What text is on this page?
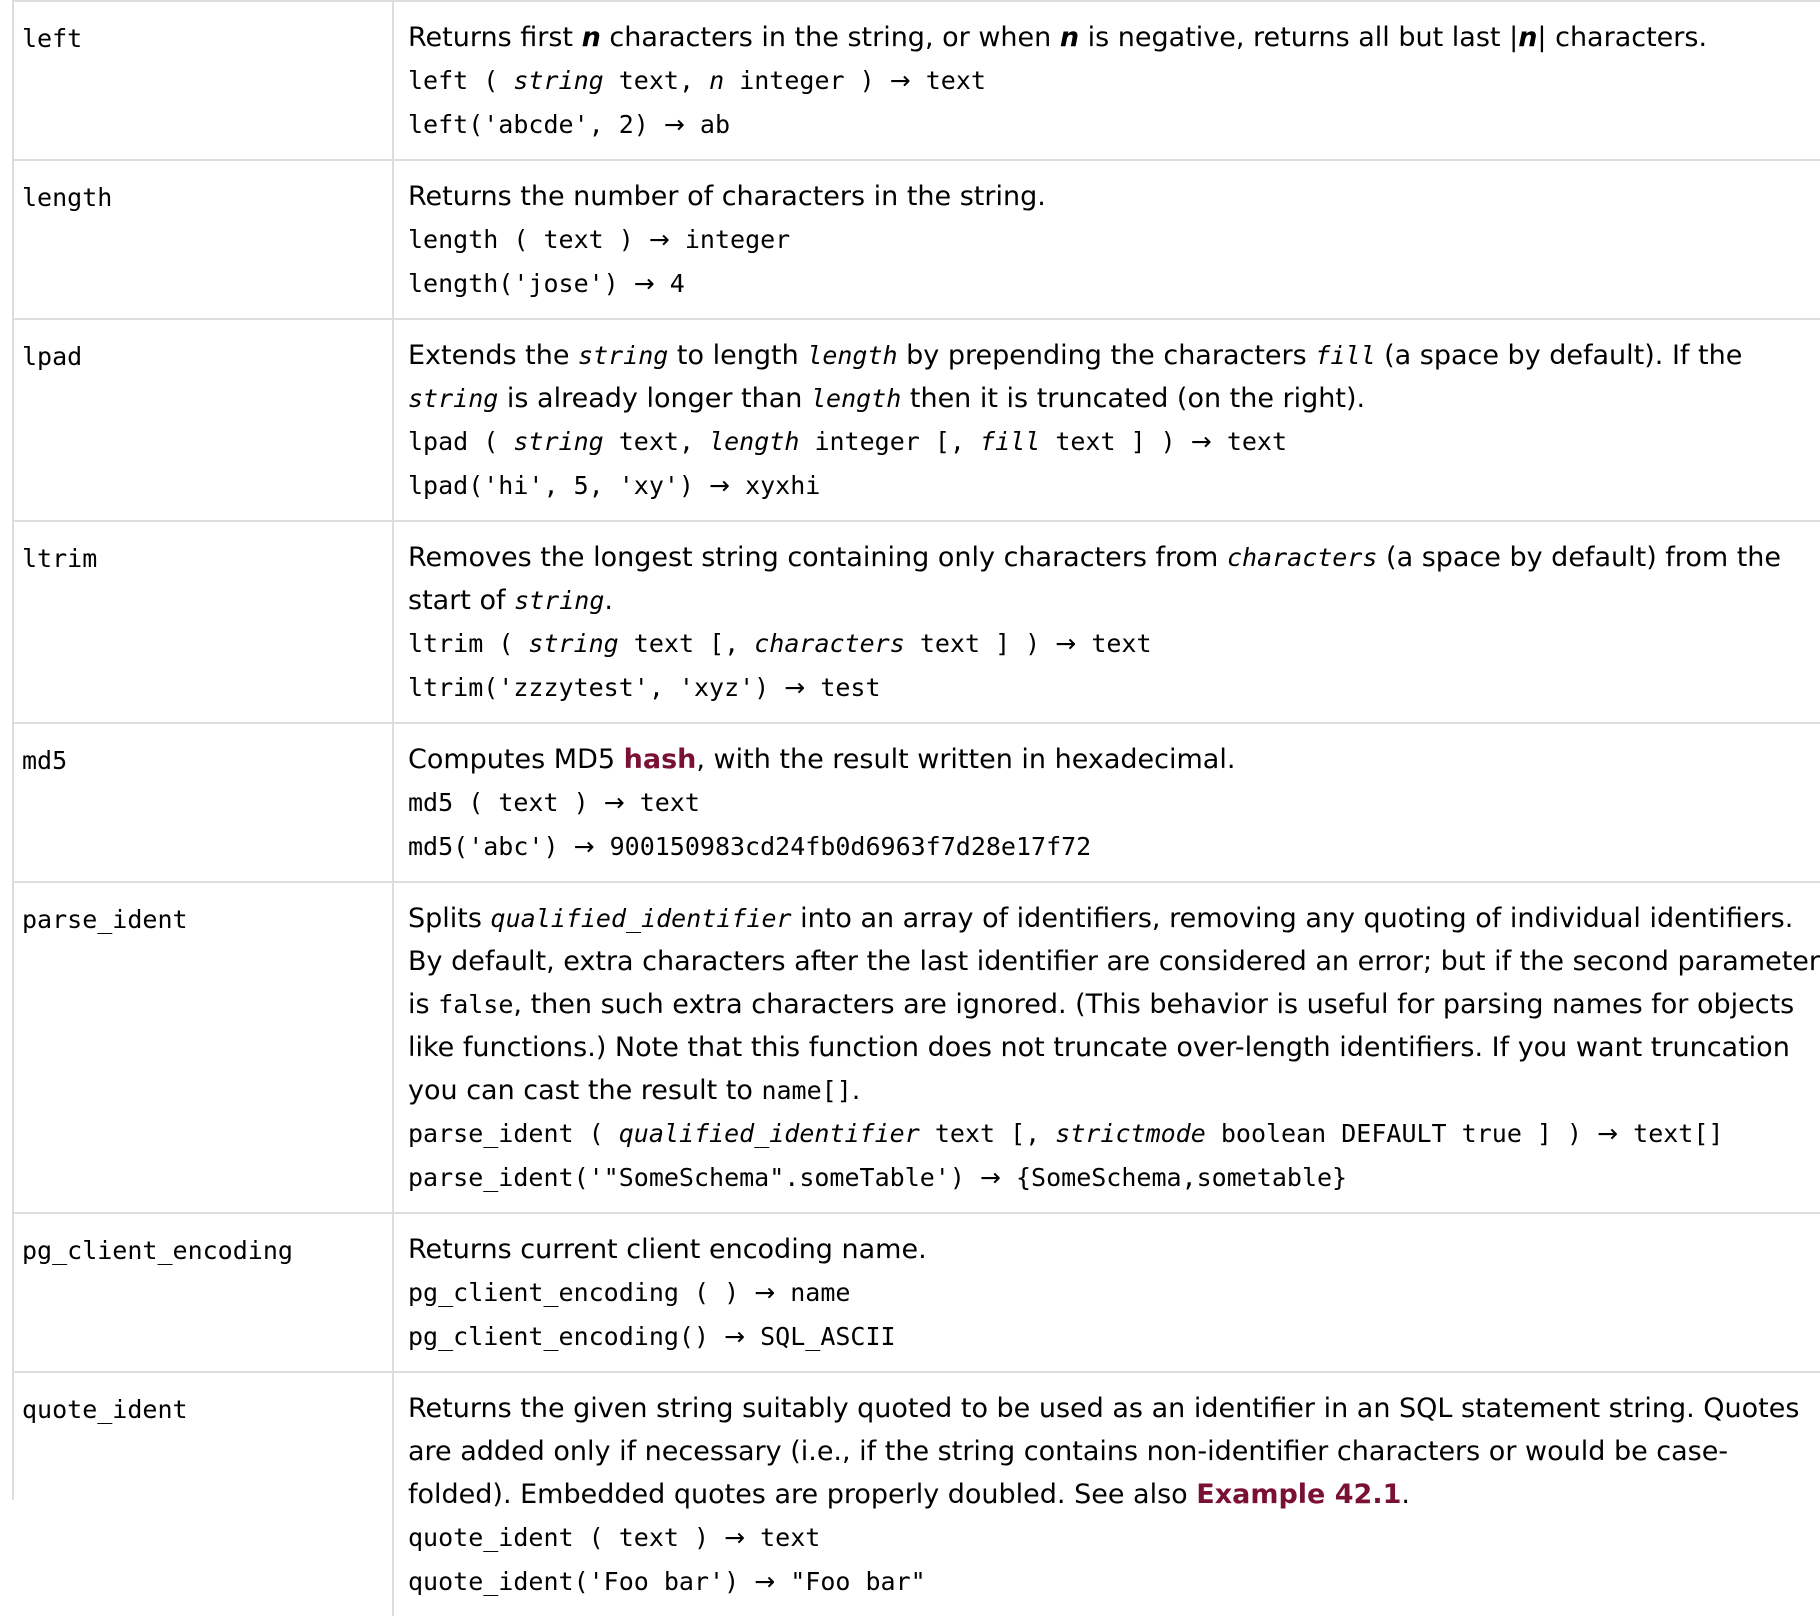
left	Returns first n characters in the string, or when n is negative, returns all but last |n| characters.
left ( string text, n integer ) → text
left('abcde', 2) → ab

length	Returns the number of characters in the string.
length ( text ) → integer
length('jose') → 4

lpad	Extends the string to length length by prepending the characters fill (a space by default). If the string is already longer than length then it is truncated (on the right).
lpad ( string text, length integer [, fill text ] ) → text
lpad('hi', 5, 'xy') → xyxhi

ltrim	Removes the longest string containing only characters from characters (a space by default) from the start of string.
ltrim ( string text [, characters text ] ) → text
ltrim('zzzytest', 'xyz') → test

md5	Computes MD5 hash, with the result written in hexadecimal.
md5 ( text ) → text
md5('abc') → 900150983cd24fb0d6963f7d28e17f72

parse_ident	Splits qualified_identifier into an array of identifiers, removing any quoting of individual identifiers. By default, extra characters after the last identifier are considered an error; but if the second parameter is false, then such extra characters are ignored. (This behavior is useful for parsing names for objects like functions.) Note that this function does not truncate over-length identifiers. If you want truncation you can cast the result to name[].
parse_ident ( qualified_identifier text [, strictmode boolean DEFAULT true ] ) → text[]
parse_ident('"SomeSchema".someTable') → {SomeSchema,sometable}

pg_client_encoding	Returns current client encoding name.
pg_client_encoding ( ) → name
pg_client_encoding() → SQL_ASCII

quote_ident	Returns the given string suitably quoted to be used as an identifier in an SQL statement string. Quotes are added only if necessary (i.e., if the string contains non-identifier characters or would be case-folded). Embedded quotes are properly doubled. See also Example 42.1.
quote_ident ( text ) → text
quote_ident('Foo bar') → "Foo bar"
